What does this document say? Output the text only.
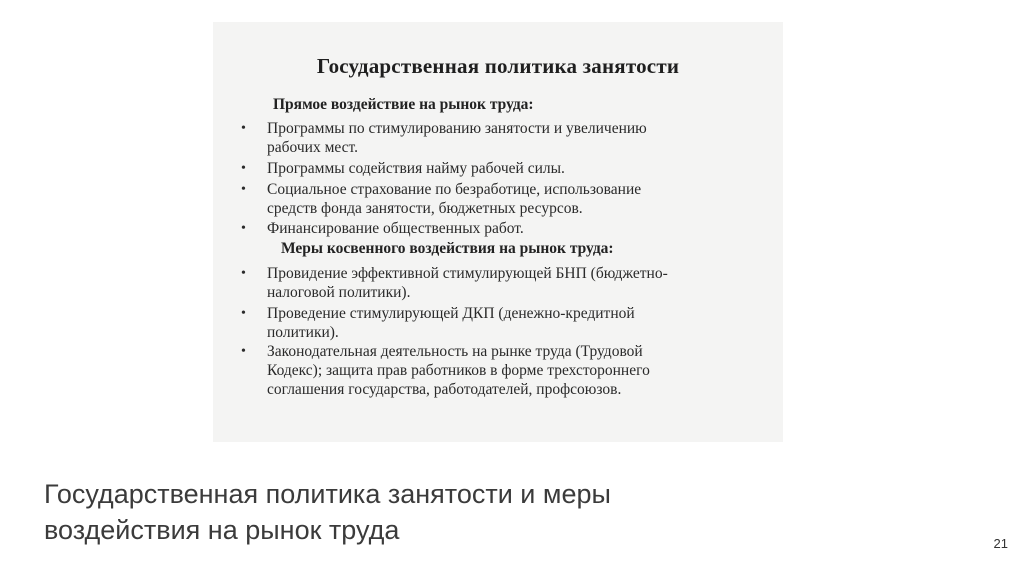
Государственная политика занятости
Прямое воздействие на рынок труда:
•	Программы по стимулированию занятости и увеличению
рабочих мест.
•	Программы содействия найму рабочей силы.
•	Социальное страхование по безработице, использование
средств фонда занятости, бюджетных ресурсов.
•	Финансирование общественных работ.
Меры косвенного воздействия на рынок труда:
•	Провидение эффективной стимулирующей БНП (бюджетно-
налоговой политики).
•	Проведение стимулирующей ДКП (денежно-кредитной
политики).
•	Законодательная деятельность на рынке труда (Трудовой
Кодекс); защита прав работников в форме трехстороннего
соглашения государства, работодателей, профсоюзов.
Государственная политика занятости и меры
воздействия на рынок труда	21
